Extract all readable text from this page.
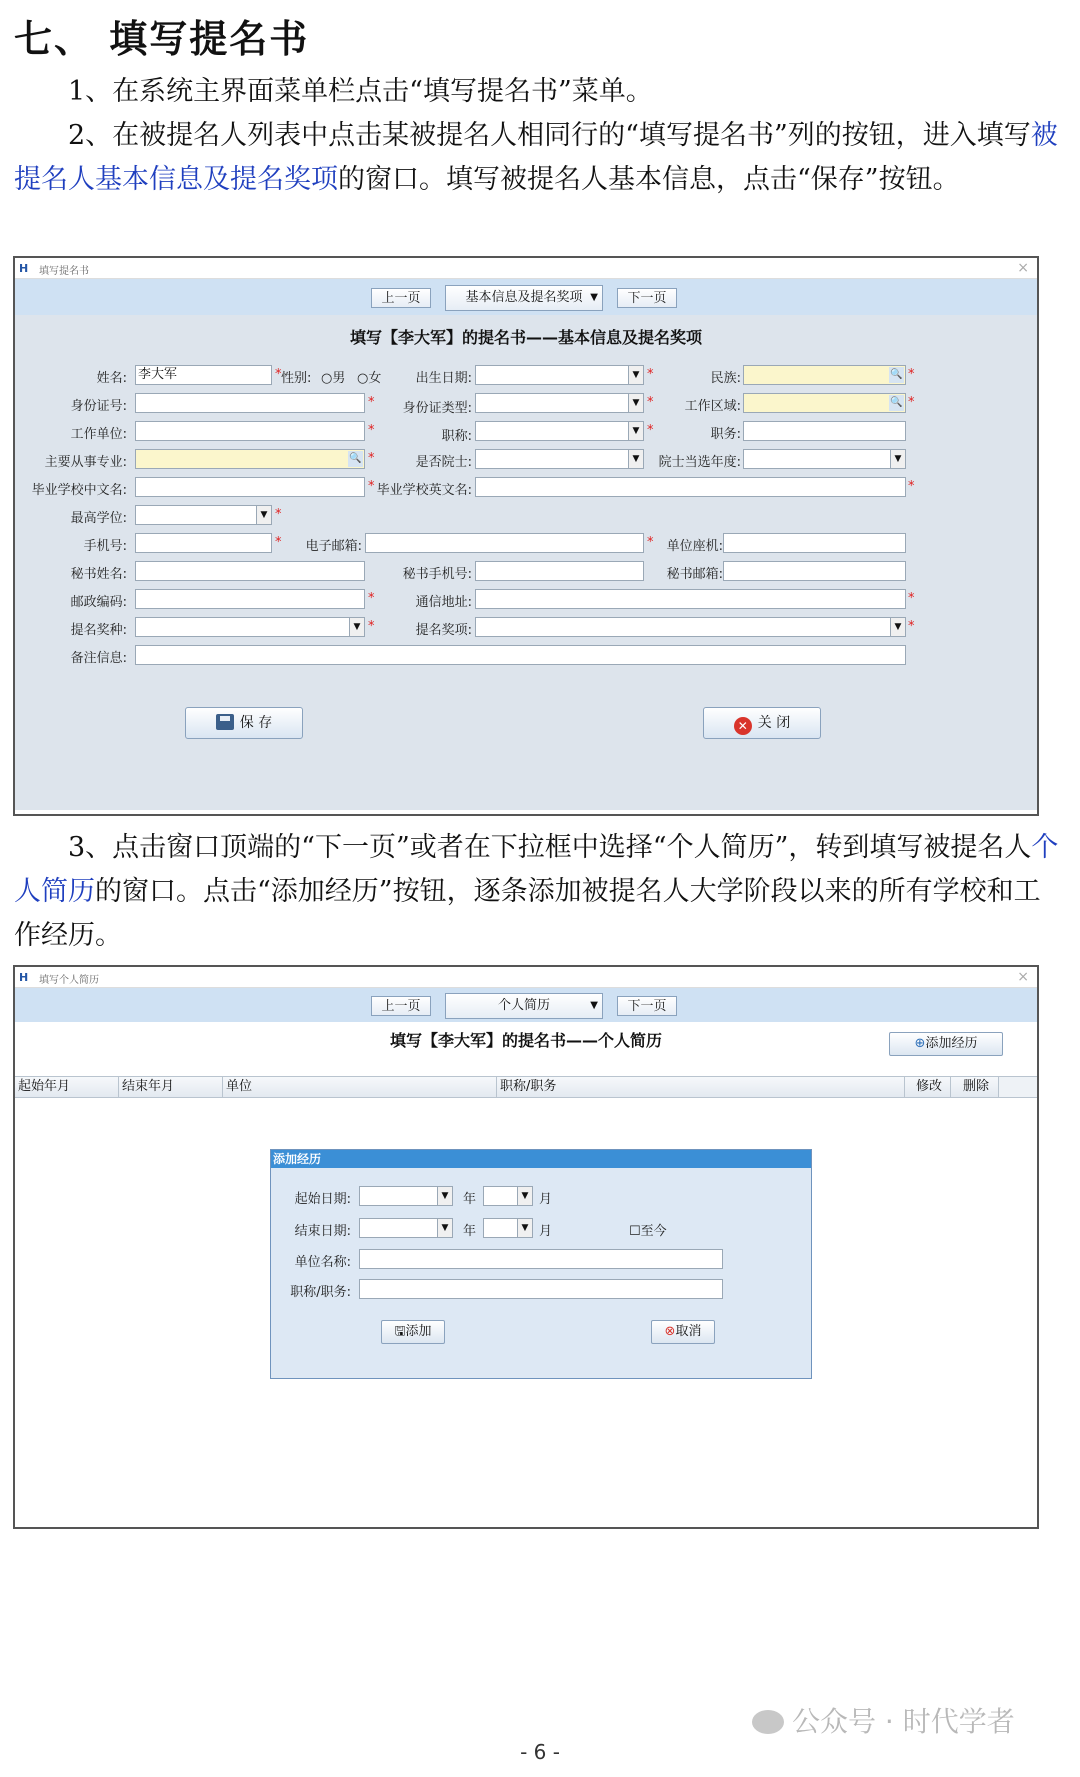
七、 填写提名书
1、在系统主界面菜单栏点击“填写提名书”菜单。
2、在被提名人列表中点击某被提名人相同行的“填写提名书”列的按钮，进入填写被提名人基本信息及提名奖项的窗口。填写被提名人基本信息，点击“保存”按钮。
H 填写提名书	×
上一页	基本信息及提名奖项 ▼	下一页
填写【李大军】的提名书——基本信息及提名奖项
姓名: 李大军	* 性别: ○男 ○女	出生日期:	▼ *	民族:	🔍 *
身份证号:	* 身份证类型:	▼ * 工作区域:	🔍 *
工作单位:	*	职称:	▼ *	职务:
主要从事专业:	🔍 *	是否院士:	▼ 院士当选年度:	▼
毕业学校中文名:	* 毕业学校英文名:	*
最高学位:	▼ *
手机号:	* 电子邮箱:	* 单位座机:
秘书姓名:	秘书手机号:	秘书邮箱:
邮政编码:	*	通信地址:	*
提名奖种:	▼ *	提名奖项:	▼ *
备注信息:
保 存	✕ 关 闭
3、点击窗口顶端的“下一页”或者在下拉框中选择“个人简历”，转到填写被提名人个人简历的窗口。点击“添加经历”按钮，逐条添加被提名人大学阶段以来的所有学校和工作经历。
H 填写个人简历	×
上一页	个人简历	▼	下一页
填写【李大军】的提名书——个人简历	⊕添加经历
起始年月	结束年月	单位	职称/职务	修改	删除
添加经历
起始日期:	▼ 年	▼ 月
结束日期:	▼ 年	▼ 月	☐至今
单位名称:
职称/职务:
🖫添加	⊗取消
公众号 · 时代学者
- 6 -
